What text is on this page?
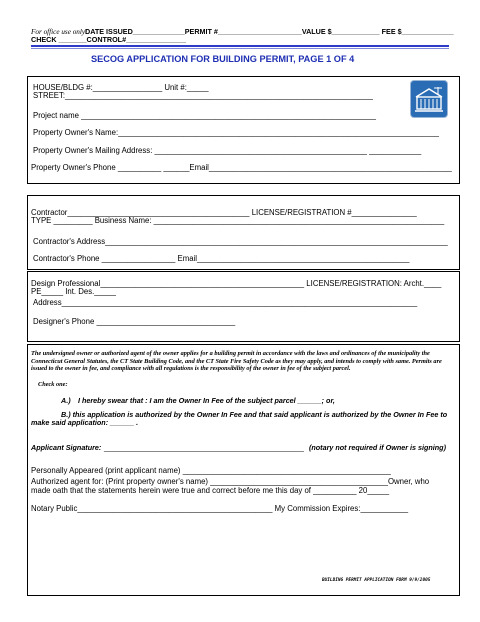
For office use only:
DATE ISSUED_____________PERMIT #_____________________VALUE $____________ FEE $_____________
CHECK _______CONTROL#_______________
SECOG APPLICATION FOR BUILDING PERMIT, PAGE 1 OF 4
HOUSE/BLDG #:________________ Unit #:_____
STREET:_______________________________________________________________________
Project name ____________________________________________________________________
Property Owner's Name:__________________________________________________________________________
Property Owner's Mailing Address: _________________________________________________ ____________
Property Owner's Phone __________ ______Email________________________________________________________
Contractor__________________________________________ LICENSE/REGISTRATION #_______________
TYPE _________ Business Name: ___________________________________________________________________
Contractor's Address_______________________________________________________________________________
Contractor's Phone _________________ Email_________________________________________________
Design Professional_______________________________________________ LICENSE/REGISTRATION: Archt.____
PE_____ Int. Des._____
Address__________________________________________________________________________________
Designer's Phone ________________________________
The undersigned owner or authorized agent of the owner applies for a building permit in accordance with the laws and ordinances of the municipality the Connecticut General Statutes, the CT State Building Code, and the CT State Fire Safety Code as they may apply, and intends to comply with same. Permits are issued to the owner in fee, and compliance with all regulations is the responsibility of the owner in fee of the subject parcel.
Check one:
A.) I hereby swear that : I am the Owner In Fee of the subject parcel ______; or,
B.) this application is authorized by the Owner In Fee and that said applicant is authorized by the Owner In Fee to
make said application: ______ .
Applicant Signature: __________________________________________________ (notary not required if Owner is signing)
Personally Appeared (print applicant name) ________________________________________________
Authorized agent for: (Print property owner's name) _________________________________________Owner, who
made oath that the statements herein were true and correct before me this day of __________ 20_____
Notary Public_____________________________________________ My Commission Expires:___________
BUILDING PERMIT APPLICATION FORM 9/9/2005
